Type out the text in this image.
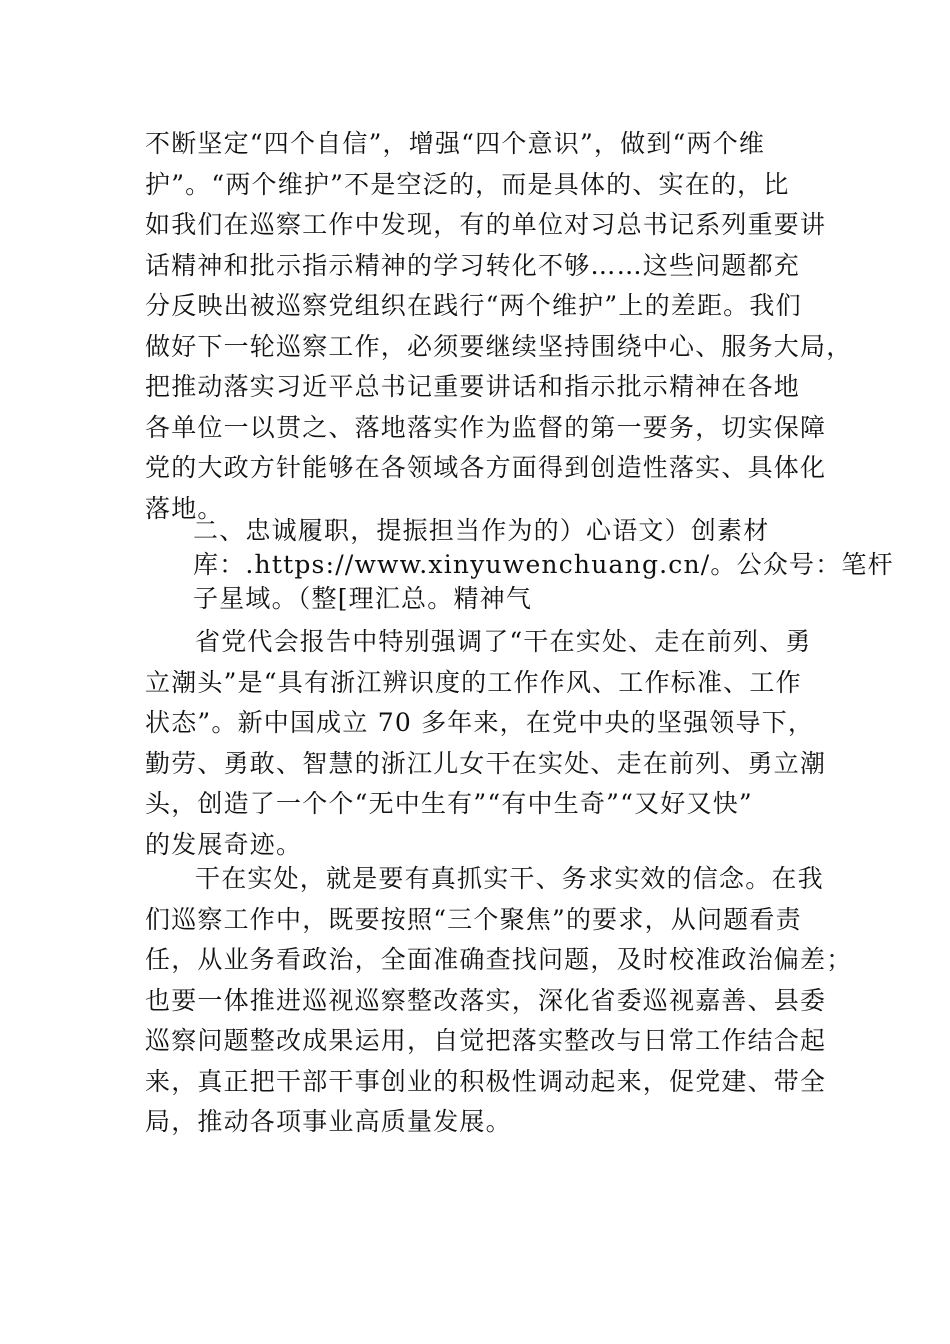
不断坚定“四个自信”，增强“四个意识”，做到“两个维
护”。“两个维护”不是空泛的，而是具体的、实在的，比
如我们在巡察工作中发现，有的单位对习总书记系列重要讲
话精神和批示指示精神的学习转化不够……这些问题都充
分反映出被巡察党组织在践行“两个维护”上的差距。我们
做好下一轮巡察工作，必须要继续坚持围绕中心、服务大局，
把推动落实习近平总书记重要讲话和指示批示精神在各地
各单位一以贯之、落地落实作为监督的第一要务，切实保障
党的大政方针能够在各领域各方面得到创造性落实、具体化
落地。
二、忠诚履职，提振担当作为的）心语文）创素材
库：.https://www.xinyuwenchuang.cn/。公众号：笔杆
子星域。（整[理汇总。精神气
省党代会报告中特别强调了“干在实处、走在前列、勇
立潮头”是“具有浙江辨识度的工作作风、工作标准、工作
状态”。新中国成立 70 多年来，在党中央的坚强领导下，
勤劳、勇敢、智慧的浙江儿女干在实处、走在前列、勇立潮
头，创造了一个个“无中生有”“有中生奇”“又好又快”
的发展奇迹。
干在实处，就是要有真抓实干、务求实效的信念。在我
们巡察工作中，既要按照“三个聚焦”的要求，从问题看责
任，从业务看政治，全面准确查找问题，及时校准政治偏差；
也要一体推进巡视巡察整改落实，深化省委巡视嘉善、县委
巡察问题整改成果运用，自觉把落实整改与日常工作结合起
来，真正把干部干事创业的积极性调动起来，促党建、带全
局，推动各项事业高质量发展。
